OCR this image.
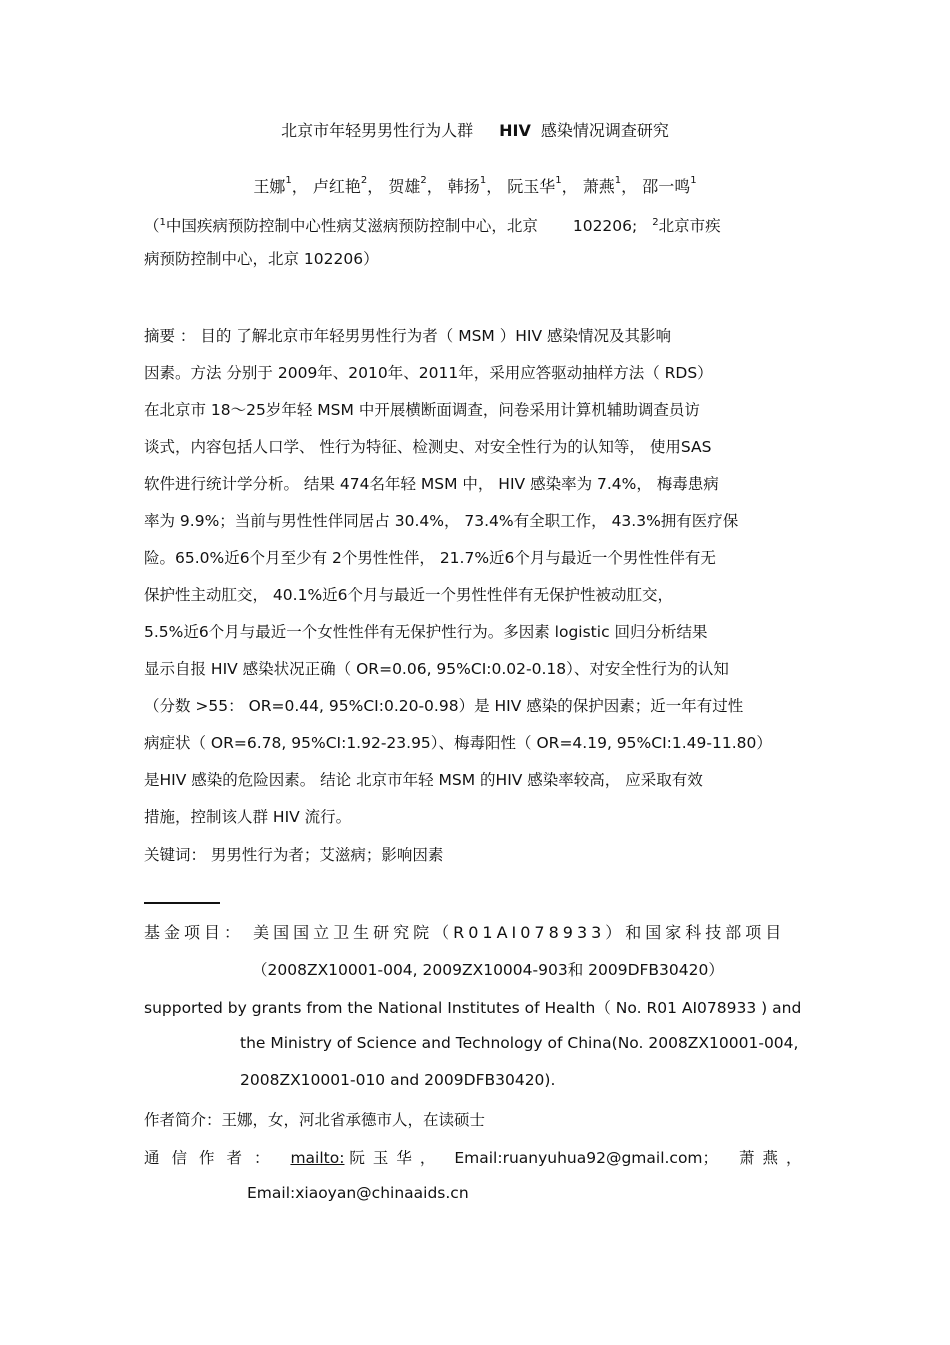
北京市年轻男男性行为人群 HIV 感染情况调查研究
王娜$^1$， 卢红艳$^2$， 贺雄$^2$， 韩扬$^1$， 阮玉华$^1$， 萧燕$^1$， 邵一鸣$^1$
（$^1$中国疾病预防控制中心性病艾滋病预防控制中心，北京 102206; $^2$北京市疾
病预防控制中心，北京 102206）

摘要 ： 目的 了解北京市年轻男男性行为者（ MSM ）HIV 感染情况及其影响

因素。方法 分别于 2009年、2010年、2011年，采用应答驱动抽样方法（ RDS）

在北京市 18～25岁年轻 MSM 中开展横断面调查，问卷采用计算机辅助调查员访

谈式，内容包括人口学、 性行为特征、检测史、对安全性行为的认知等， 使用SAS

软件进行统计学分析。 结果 474名年轻 MSM 中， HIV 感染率为 7.4%， 梅毒患病

率为 9.9%；当前与男性性伴同居占 30.4%， 73.4%有全职工作， 43.3%拥有医疗保

险。65.0%近6个月至少有 2个男性性伴， 21.7%近6个月与最近一个男性性伴有无

保护性主动肛交， 40.1%近6个月与最近一个男性性伴有无保护性被动肛交，

5.5%近6个月与最近一个女性性伴有无保护性行为。多因素 logistic 回归分析结果

显示自报 HIV 感染状况正确（ OR=0.06, 95%CI:0.02-0.18）、对安全性行为的认知

（分数 >55： OR=0.44, 95%CI:0.20-0.98）是 HIV 感染的保护因素；近一年有过性

病症状（ OR=6.78, 95%CI:1.92-23.95）、梅毒阳性（ OR=4.19, 95%CI:1.49-11.80）

是HIV 感染的危险因素。 结论 北京市年轻 MSM 的HIV 感染率较高， 应采取有效

措施，控制该人群 HIV 流行。

关键词： 男男性行为者；艾滋病；影响因素
基金项目： 美国国立卫生研究院（R01AI078933）和国家科技部项目
（2008ZX10001-004, 2009ZX10004-903和 2009DFB30420）
supported by grants from the National Institutes of Health（ No. R01 AI078933 ) and
the Ministry of Science and Technology of China(No. 2008ZX10001-004,
2008ZX10001-010 and 2009DFB30420).
作者简介：王娜，女，河北省承德市人，在读硕士
通信作者： mailto: 阮玉华， Email:ruanyuhua92@gmail.com； 萧燕，
Email:xiaoyan@chinaaids.cn
